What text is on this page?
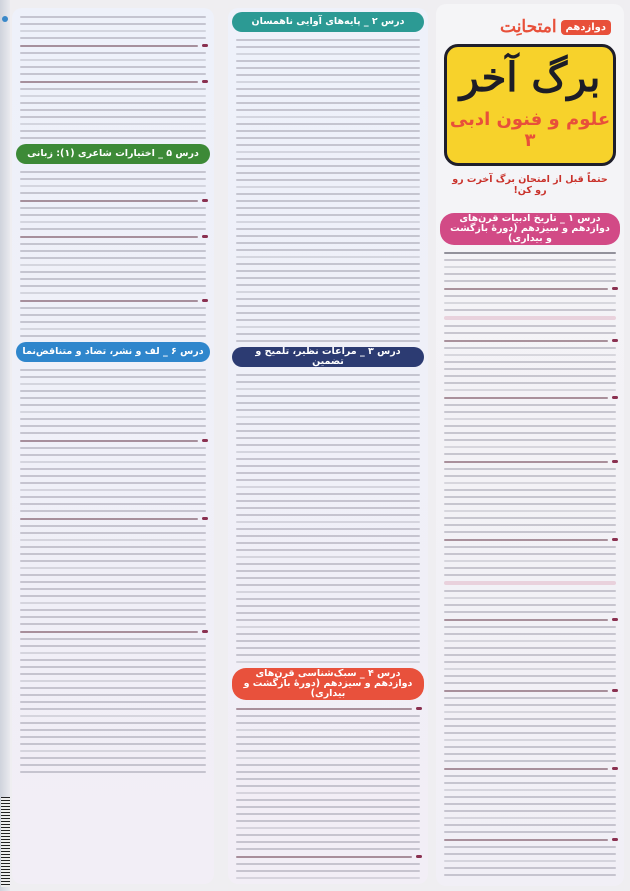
درس ۵ _ اختیارات شاعری (۱): زبانی
درس ۶ _ لف و نشر، تضاد و متناقض‌نما
درس ۲ _ پایه‌های آوایی ناهمسان
درس ۳ _ مراعات نظیر، تلمیح و تضمین
درس ۴ _ سبک‌شناسی قرن‌های دوازدهم و سیزدهم (دورهٔ بازگشت و بیداری)
دوازدهم
امتحانِت
برگ آخر
علوم و فنون ادبی ۳
حتماً قبل از امتحان برگ آخرت رو رو کن!
درس ۱ _ تاریخ ادبیات قرن‌های دوازدهم و سیزدهم (دورهٔ بازگشت و بیداری)
